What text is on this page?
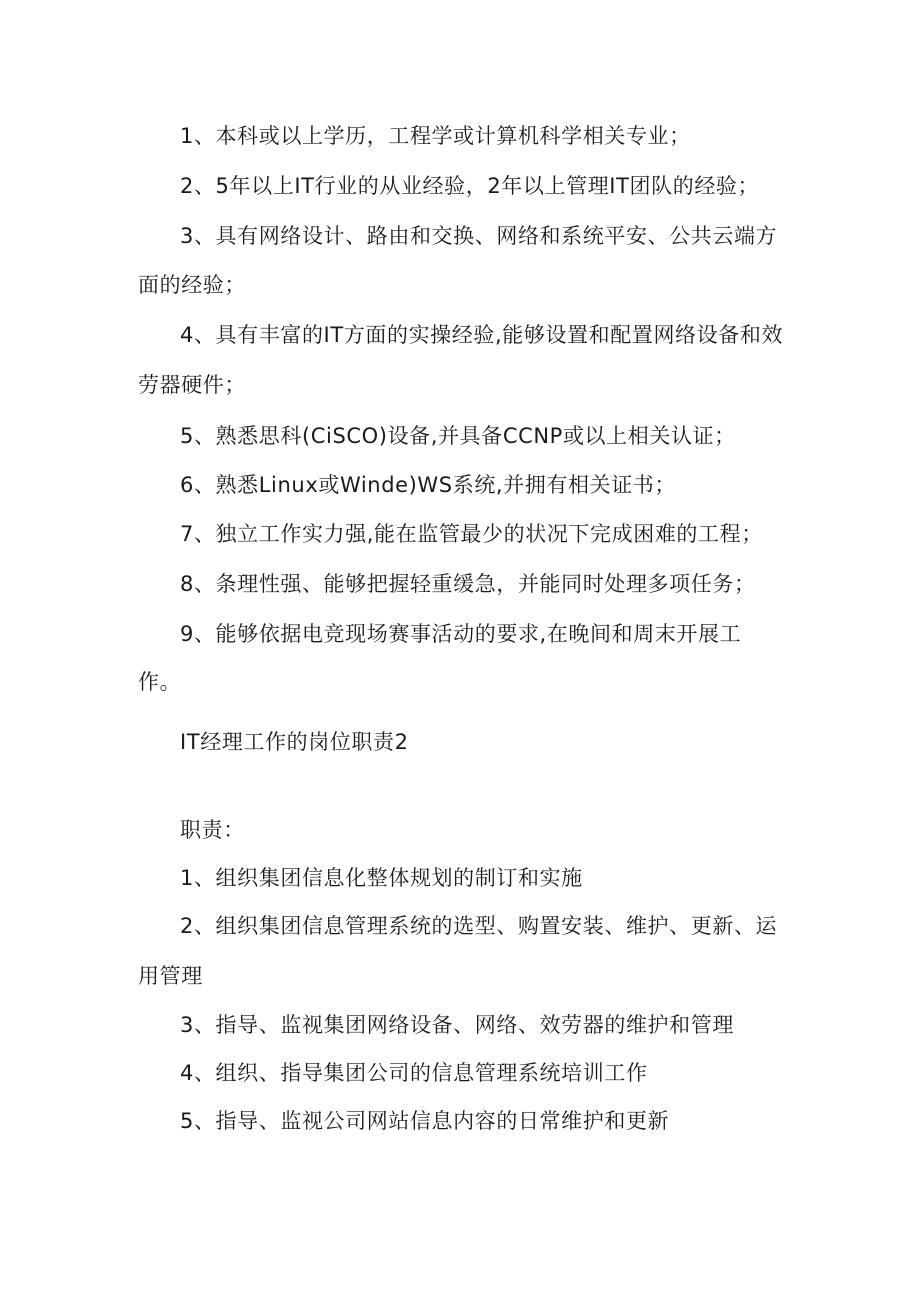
1、本科或以上学历，工程学或计算机科学相关专业；
2、5年以上IT行业的从业经验，2年以上管理IT团队的经验；
3、具有网络设计、路由和交换、网络和系统平安、公共云端方
面的经验；
4、具有丰富的IT方面的实操经验,能够设置和配置网络设备和效
劳器硬件；
5、熟悉思科(CiSCO)设备,并具备CCNP或以上相关认证；
6、熟悉Linux或Winde)WS系统,并拥有相关证书；
7、独立工作实力强,能在监管最少的状况下完成困难的工程；
8、条理性强、能够把握轻重缓急，并能同时处理多项任务；
9、能够依据电竞现场赛事活动的要求,在晚间和周末开展工
作。
IT经理工作的岗位职责2
职责：
1、组织集团信息化整体规划的制订和实施
2、组织集团信息管理系统的选型、购置安装、维护、更新、运
用管理
3、指导、监视集团网络设备、网络、效劳器的维护和管理
4、组织、指导集团公司的信息管理系统培训工作
5、指导、监视公司网站信息内容的日常维护和更新
